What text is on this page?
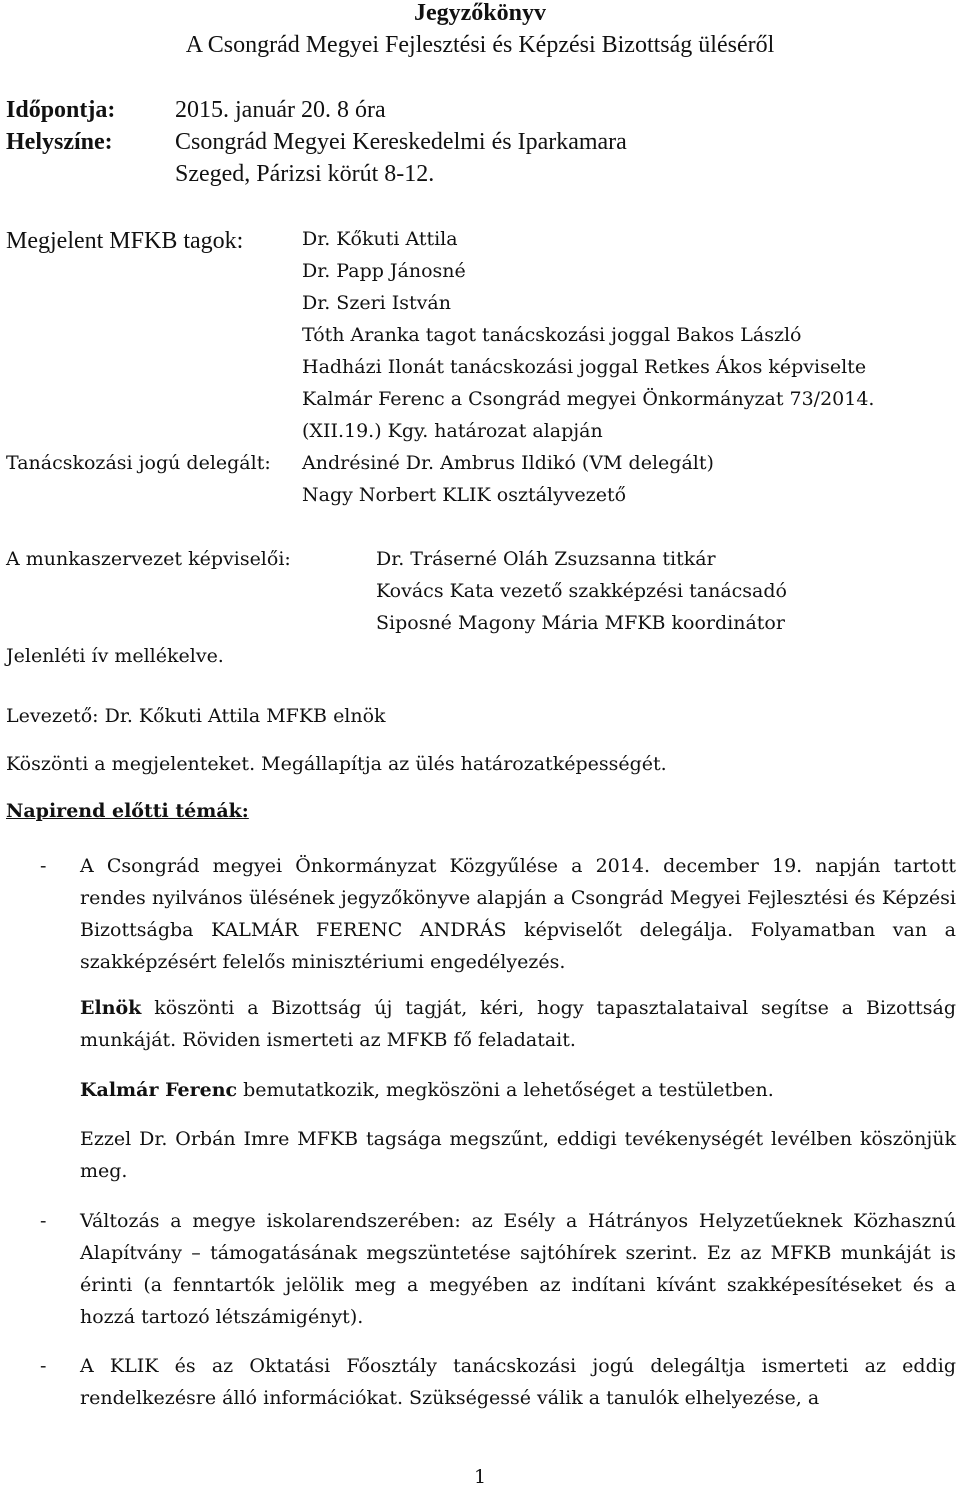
Jegyzőkönyv
A Csongrád Megyei Fejlesztési és Képzési Bizottság üléséről
Időpontja: 2015. január 20. 8 óra
Helyszíne:	Csongrád Megyei Kereskedelmi és Iparkamara
Szeged, Párizsi körút 8-12.
Megjelent MFKB tagok:	Dr. Kőkuti Attila
Dr. Papp Jánosné
Dr. Szeri István
Tóth Aranka tagot tanácskozási joggal Bakos László
Hadházi Ilonát tanácskozási joggal Retkes Ákos képviselte
Kalmár Ferenc a Csongrád megyei Önkormányzat 73/2014.
(XII.19.) Kgy. határozat alapján
Tanácskozási jogú delegált: Andrésiné Dr. Ambrus Ildikó (VM delegált)
Nagy Norbert KLIK osztályvezető
A munkaszervezet képviselői:	Dr. Tráserné Oláh Zsuzsanna titkár
Kovács Kata vezető szakképzési tanácsadó
Siposné Magony Mária MFKB koordinátor
Jelenléti ív mellékelve.
Levezető: Dr. Kőkuti Attila MFKB elnök
Köszönti a megjelenteket. Megállapítja az ülés határozatképességét.
Napirend előtti témák:
- A Csongrád megyei Önkormányzat Közgyűlése a 2014. december 19. napján tartott rendes nyilvános ülésének jegyzőkönyve alapján a Csongrád Megyei Fejlesztési és Képzési Bizottságba KALMÁR FERENC ANDRÁS képviselőt delegálja. Folyamatban van a szakképzésért felelős minisztériumi engedélyezés.

Elnök köszönti a Bizottság új tagját, kéri, hogy tapasztalataival segítse a Bizottság munkáját. Röviden ismerteti az MFKB fő feladatait.

Kalmár Ferenc bemutatkozik, megköszöni a lehetőséget a testületben.

Ezzel Dr. Orbán Imre MFKB tagsága megszűnt, eddigi tevékenységét levélben köszönjük meg.

- Változás a megye iskolarendszerében: az Esély a Hátrányos Helyzetűeknek Közhasznú Alapítvány – támogatásának megszüntetése sajtóhírek szerint. Ez az MFKB munkáját is érinti (a fenntartók jelölik meg a megyében az indítani kívánt szakképesítéseket és a hozzá tartozó létszámigényt).

- A KLIK és az Oktatási Főosztály tanácskozási jogú delegáltja ismerteti az eddig rendelkezésre álló információkat. Szükségessé válik a tanulók elhelyezése, a

1
